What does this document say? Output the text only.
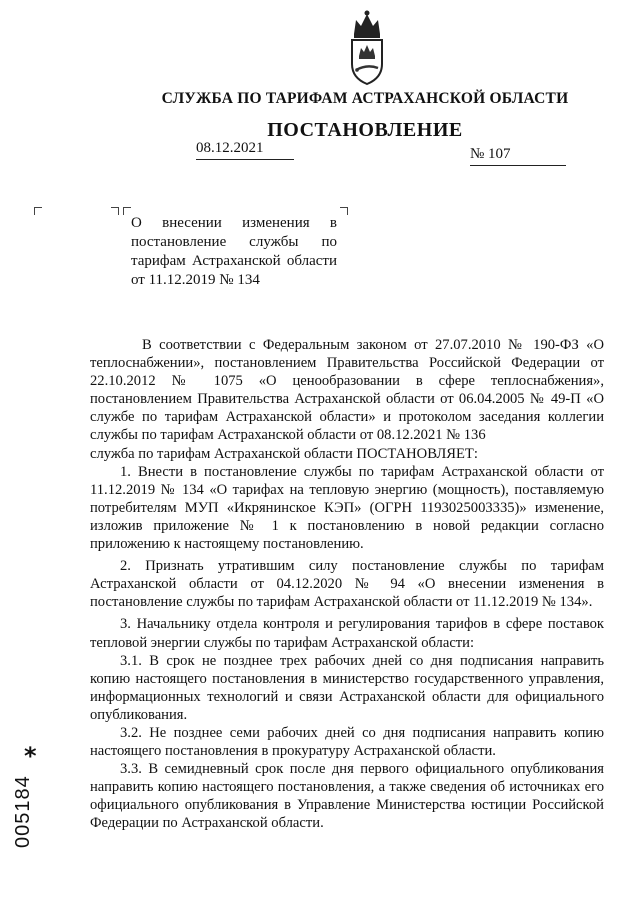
СЛУЖБА ПО ТАРИФАМ АСТРАХАНСКОЙ ОБЛАСТИ
ПОСТАНОВЛЕНИЕ
08.12.2021	№ 107
О внесении изменения в
постановление службы по
тарифам Астраханской области
от 11.12.2019 № 134

В соответствии с Федеральным законом от 27.07.2010 № 190-ФЗ «О теплоснабжении», постановлением Правительства Российской Федерации от 22.10.2012 № 1075 «О ценообразовании в сфере теплоснабжения», постановлением Правительства Астраханской области от 06.04.2005 № 49-П «О службе по тарифам Астраханской области» и протоколом заседания коллегии службы по тарифам Астраханской области от 08.12.2021 № 136

служба по тарифам Астраханской области ПОСТАНОВЛЯЕТ:

1. Внести в постановление службы по тарифам Астраханской области от 11.12.2019 № 134 «О тарифах на тепловую энергию (мощность), поставляемую потребителям МУП «Икрянинское КЭП» (ОГРН 1193025003335)» изменение, изложив приложение № 1 к постановлению в новой редакции согласно приложению к настоящему постановлению.

2. Признать утратившим силу постановление службы по тарифам Астраханской области от 04.12.2020 № 94 «О внесении изменения в постановление службы по тарифам Астраханской области от 11.12.2019 № 134».

3. Начальнику отдела контроля и регулирования тарифов в сфере поставок тепловой энергии службы по тарифам Астраханской области:

3.1. В срок не позднее трех рабочих дней со дня подписания направить копию настоящего постановления в министерство государственного управления, информационных технологий и связи Астраханской области для официального опубликования.

3.2. Не позднее семи рабочих дней со дня подписания направить копию настоящего постановления в прокуратуру Астраханской области.

3.3. В семидневный срок после дня первого официального опубликования направить копию настоящего постановления, а также сведения об источниках его официального опубликования в Управление Министерства юстиции Российской Федерации по Астраханской области.

*
005184
